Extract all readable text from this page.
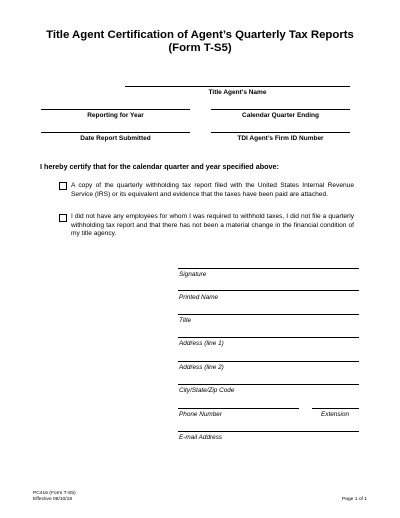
Title Agent Certification of Agent’s Quarterly Tax Reports
(Form T-S5)
Title Agent’s Name
Reporting for Year	Calendar Quarter Ending
Date Report Submitted	TDI Agent’s Firm ID Number
I hereby certify that for the calendar quarter and year specified above:
A copy of the quarterly withholding tax report filed with the United States Internal Revenue Service (IRS) or its equivalent and evidence that the taxes have been paid are attached.
I did not have any employees for whom I was required to withhold taxes, I did not file a quarterly withholding tax report and that there has not been a material change in the financial condition of my title agency.
Signature
Printed Name
Title
Address (line 1)
Address (line 2)
City/State/Zip Code
Phone Number	Extension
E-mail Address
PC416 (Form T-S5)
Effective 08/10/18	Page 1 of 1
